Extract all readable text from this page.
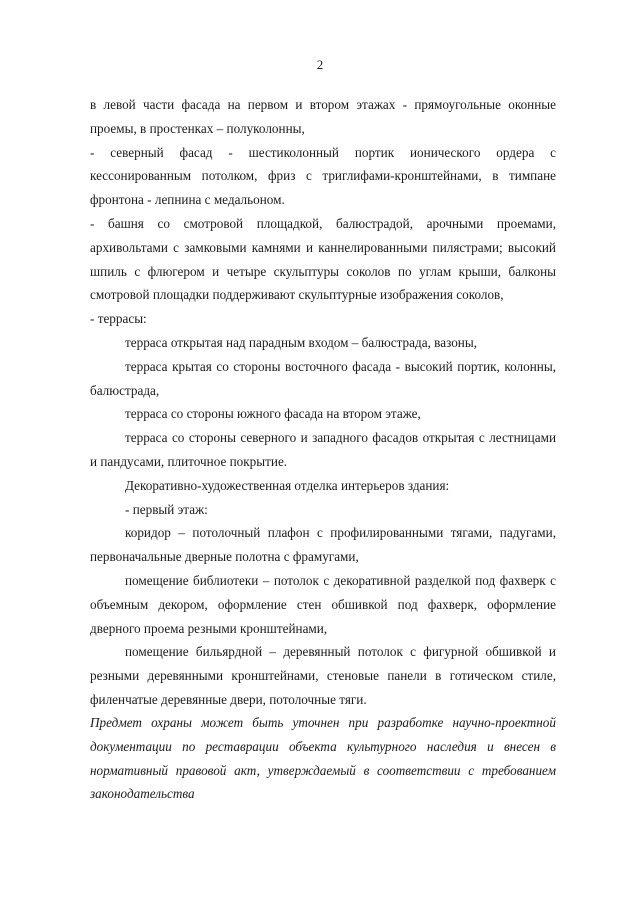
2

в левой части фасада на первом и втором этажах - прямоугольные оконные проемы, в простенках – полуколонны,

- северный фасад - шестиколонный портик ионического ордера с кессонированным потолком, фриз с триглифами-кронштейнами, в тимпане фронтона - лепнина с медальоном.

- башня со смотровой площадкой, балюстрадой, арочными проемами, архивольтами с замковыми камнями и каннелированными пилястрами; высокий шпиль с флюгером и четыре скульптуры соколов по углам крыши, балконы смотровой площадки поддерживают скульптурные изображения соколов,

- террасы:

терраса открытая над парадным входом – балюстрада, вазоны,

терраса крытая со стороны восточного фасада - высокий портик, колонны, балюстрада,

терраса со стороны южного фасада на втором этаже,

терраса со стороны северного и западного фасадов открытая с лестницами и пандусами, плиточное покрытие.

Декоративно-художественная отделка интерьеров здания:

- первый этаж:

коридор – потолочный плафон с профилированными тягами, падугами, первоначальные дверные полотна с фрамугами,

помещение библиотеки – потолок с декоративной разделкой под фахверк с объемным декором, оформление стен обшивкой под фахверк, оформление дверного проема резными кронштейнами,

помещение бильярдной – деревянный потолок с фигурной обшивкой и резными деревянными кронштейнами, стеновые панели в готическом стиле, филенчатые деревянные двери, потолочные тяги.

Предмет охраны может быть уточнен при разработке научно-проектной документации по реставрации объекта культурного наследия и внесен в нормативный правовой акт, утверждаемый в соответствии с требованием законодательства
